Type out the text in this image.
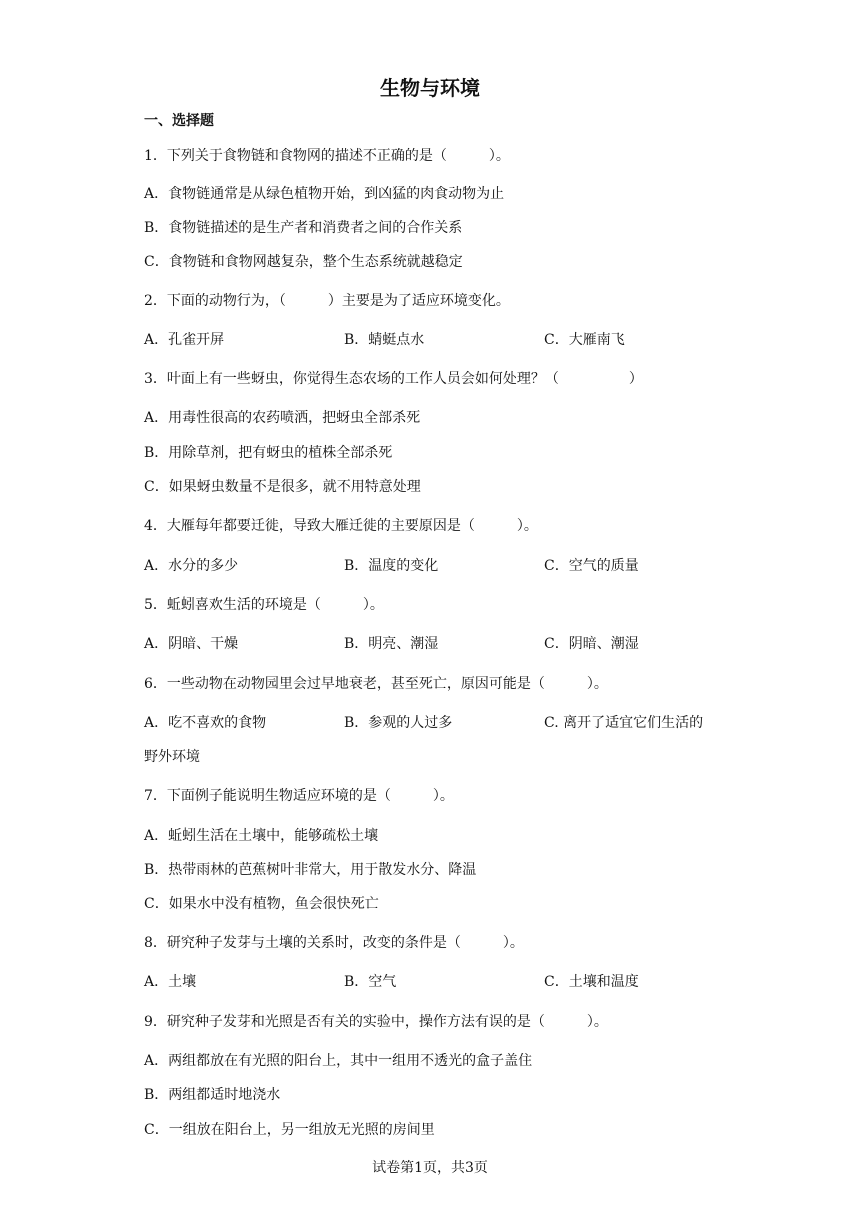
生物与环境
一、选择题
1．下列关于食物链和食物网的描述不正确的是（　　　）。
A．食物链通常是从绿色植物开始，到凶猛的肉食动物为止
B．食物链描述的是生产者和消费者之间的合作关系
C．食物链和食物网越复杂，整个生态系统就越稳定
2．下面的动物行为，（　　　）主要是为了适应环境变化。
A．孔雀开屏	B．蜻蜓点水	C．大雁南飞
3．叶面上有一些蚜虫，你觉得生态农场的工作人员会如何处理？（　　　　　）
A．用毒性很高的农药喷洒，把蚜虫全部杀死
B．用除草剂，把有蚜虫的植株全部杀死
C．如果蚜虫数量不是很多，就不用特意处理
4．大雁每年都要迁徙，导致大雁迁徙的主要原因是（　　　）。
A．水分的多少	B．温度的变化	C．空气的质量
5．蚯蚓喜欢生活的环境是（　　　）。
A．阴暗、干燥	B．明亮、潮湿	C．阴暗、潮湿
6．一些动物在动物园里会过早地衰老，甚至死亡，原因可能是（　　　）。
A．吃不喜欢的食物	B．参观的人过多	C. 离开了适宜它们生活的
野外环境
7．下面例子能说明生物适应环境的是（　　　）。
A．蚯蚓生活在土壤中，能够疏松土壤
B．热带雨林的芭蕉树叶非常大，用于散发水分、降温
C．如果水中没有植物，鱼会很快死亡
8．研究种子发芽与土壤的关系时，改变的条件是（　　　）。
A．土壤	B．空气	C．土壤和温度
9．研究种子发芽和光照是否有关的实验中，操作方法有误的是（　　　）。
A．两组都放在有光照的阳台上，其中一组用不透光的盒子盖住
B．两组都适时地浇水
C．一组放在阳台上，另一组放无光照的房间里
试卷第1页，共3页
